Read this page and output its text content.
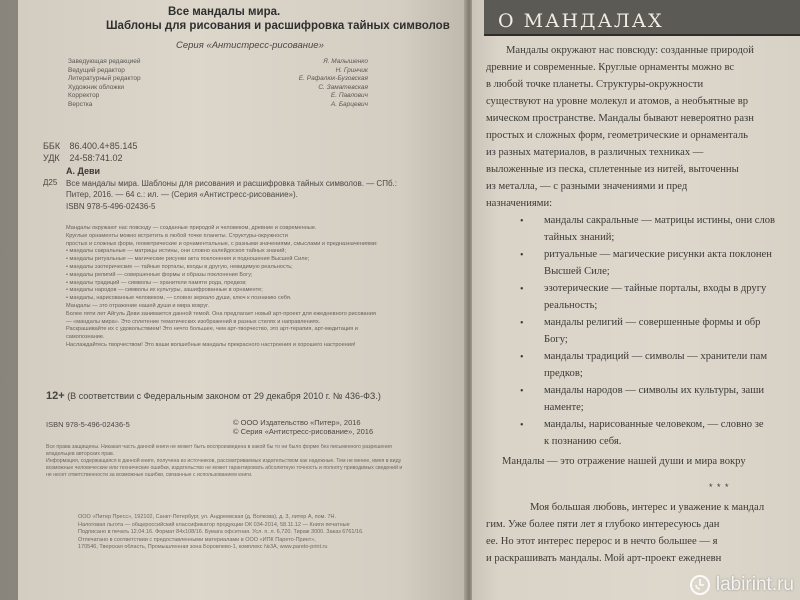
Все мандалы мира.
Шаблоны для рисования и расшифровка тайных символов
Серия «Антистресс-рисование»
Заведующая редакцией	Я. Малышенко
Ведущий редактор	Н. Гринчик
Литературный редактор	Е. Рафалюк-Бузовская
Художник обложки	С. Заматевская
Корректор	Е. Павлович
Верстка	А. Барцевич
ББК 86.400.4+85.145
УДК 24-58:741.02
А. Деви
Д25 Все мандалы мира. Шаблоны для рисования и расшифровка тайных символов. — СПб.:
Питер, 2016. — 64 с.: ил. — (Серия «Антистресс-рисование»).
ISBN 978-5-496-02436-5

Мандалы окружают нас повсюду — созданные природой и человеком, древние и современные.

Круглые орнаменты можно встретить в любой точке планеты. Структуры-окружности

простых и сложных форм, геометрические и орнаментальные, с разными значениями, смыслами и предназначениями:

• мандалы сакральные — матрицы истины, они словно калейдоскоп тайных знаний;

• мандалы ритуальные — магические рисунки акта поклонения и подношения Высшей Силе;

• мандалы эзотерические — тайные порталы, входы в другую, невидимую реальность;

• мандалы религий — совершенные формы и образы поклонения Богу;

• мандалы традиций — символы — хранители памяти рода, предков;

• мандалы народов — символы их культуры, зашифрованные в орнаменте;

• мандалы, нарисованные человеком, — словно зеркало души, ключ к познанию себя.

Мандалы — это отражение нашей души и мира вокруг.

Более пяти лет Айгуль Деви занимается данной темой. Она предлагает новый арт-проект для ежедневного рисования

— «мандалы мира». Это сплетение тематических изображений в разных стилях и направлениях.

Раскрашивайте их с удовольствием! Это нечто большее, чем арт-творчество, это арт-терапия, арт-медитация и

самопознание.

Наслаждайтесь творчеством! Это ваши волшебные мандалы прекрасного настроения и хорошего настроения!

12+ (В соответствии с Федеральным законом от 29 декабря 2010 г. № 436-ФЗ.)
ISBN 978-5-496-02436-5	© ООО Издательство «Питер», 2016
© Серия «Антистресс-рисование», 2016

Все права защищены. Никакая часть данной книги не может быть воспроизведена в какой бы то ни было форме без письменного разрешения

владельцев авторских прав.

Информация, содержащаяся в данной книге, получена из источников, рассматриваемых издательством как надежные. Тем не менее, имея в виду

возможные человеческие или технические ошибки, издательство не может гарантировать абсолютную точность и полноту приводимых сведений и

не несет ответственности за возможные ошибки, связанные с использованием книги.

ООО «Питер Пресс», 192102, Санкт-Петербург, ул. Андреевская (д. Волкова), д. 3, литер А, пом. 7Н.

Налоговая льгота — общероссийский классификатор продукции ОК 034-2014, 58.11.12 — Книги печатные

Подписано в печать 12.04.16. Формат 84х108/16. Бумага офсетная. Усл. п. л. 6,720. Тираж 3000. Заказ 6761/16.

Отпечатано в соответствии с предоставленными материалами в ООО «ИПК Парето-Принт»,

170546, Тверская область, Промышленная зона Боровлево-1, комплекс №3А, www.pareto-print.ru

О МАНДАЛАХ
Мандалы окружают нас повсюду: созданные природой
древние и современные. Круглые орнаменты можно вс
в любой точке планеты. Структуры-окружности
существуют на уровне молекул и атомов, а необъятные вр
мическом пространстве. Мандалы бывают невероятно разн
простых и сложных форм, геометрические и орнаменталь
из разных материалов, в различных техниках —
выложенные из песка, сплетенные из нитей, выточенны
из металла, — с разными значениями и пред
назначениями:
• мандалы сакральные — матрицы истины, они слов
тайных знаний;
• ритуальные — магические рисунки акта поклонен
Высшей Силе;
• эзотерические — тайные порталы, входы в другу
реальность;
• мандалы религий — совершенные формы и обр
Богу;
• мандалы традиций — символы — хранители пам
предков;
• мандалы народов — символы их культуры, заши
наменте;
• мандалы, нарисованные человеком, — словно зе
к познанию себя.
Мандалы — это отражение нашей души и мира вокру
* * *
Моя большая любовь, интерес и уважение к мандал
гим. Уже более пяти лет я глубоко интересуюсь дан
ее. Но этот интерес перерос и в нечто большее — я
и раскрашивать мандалы. Мой арт-проект ежедневн
labirint.ru
